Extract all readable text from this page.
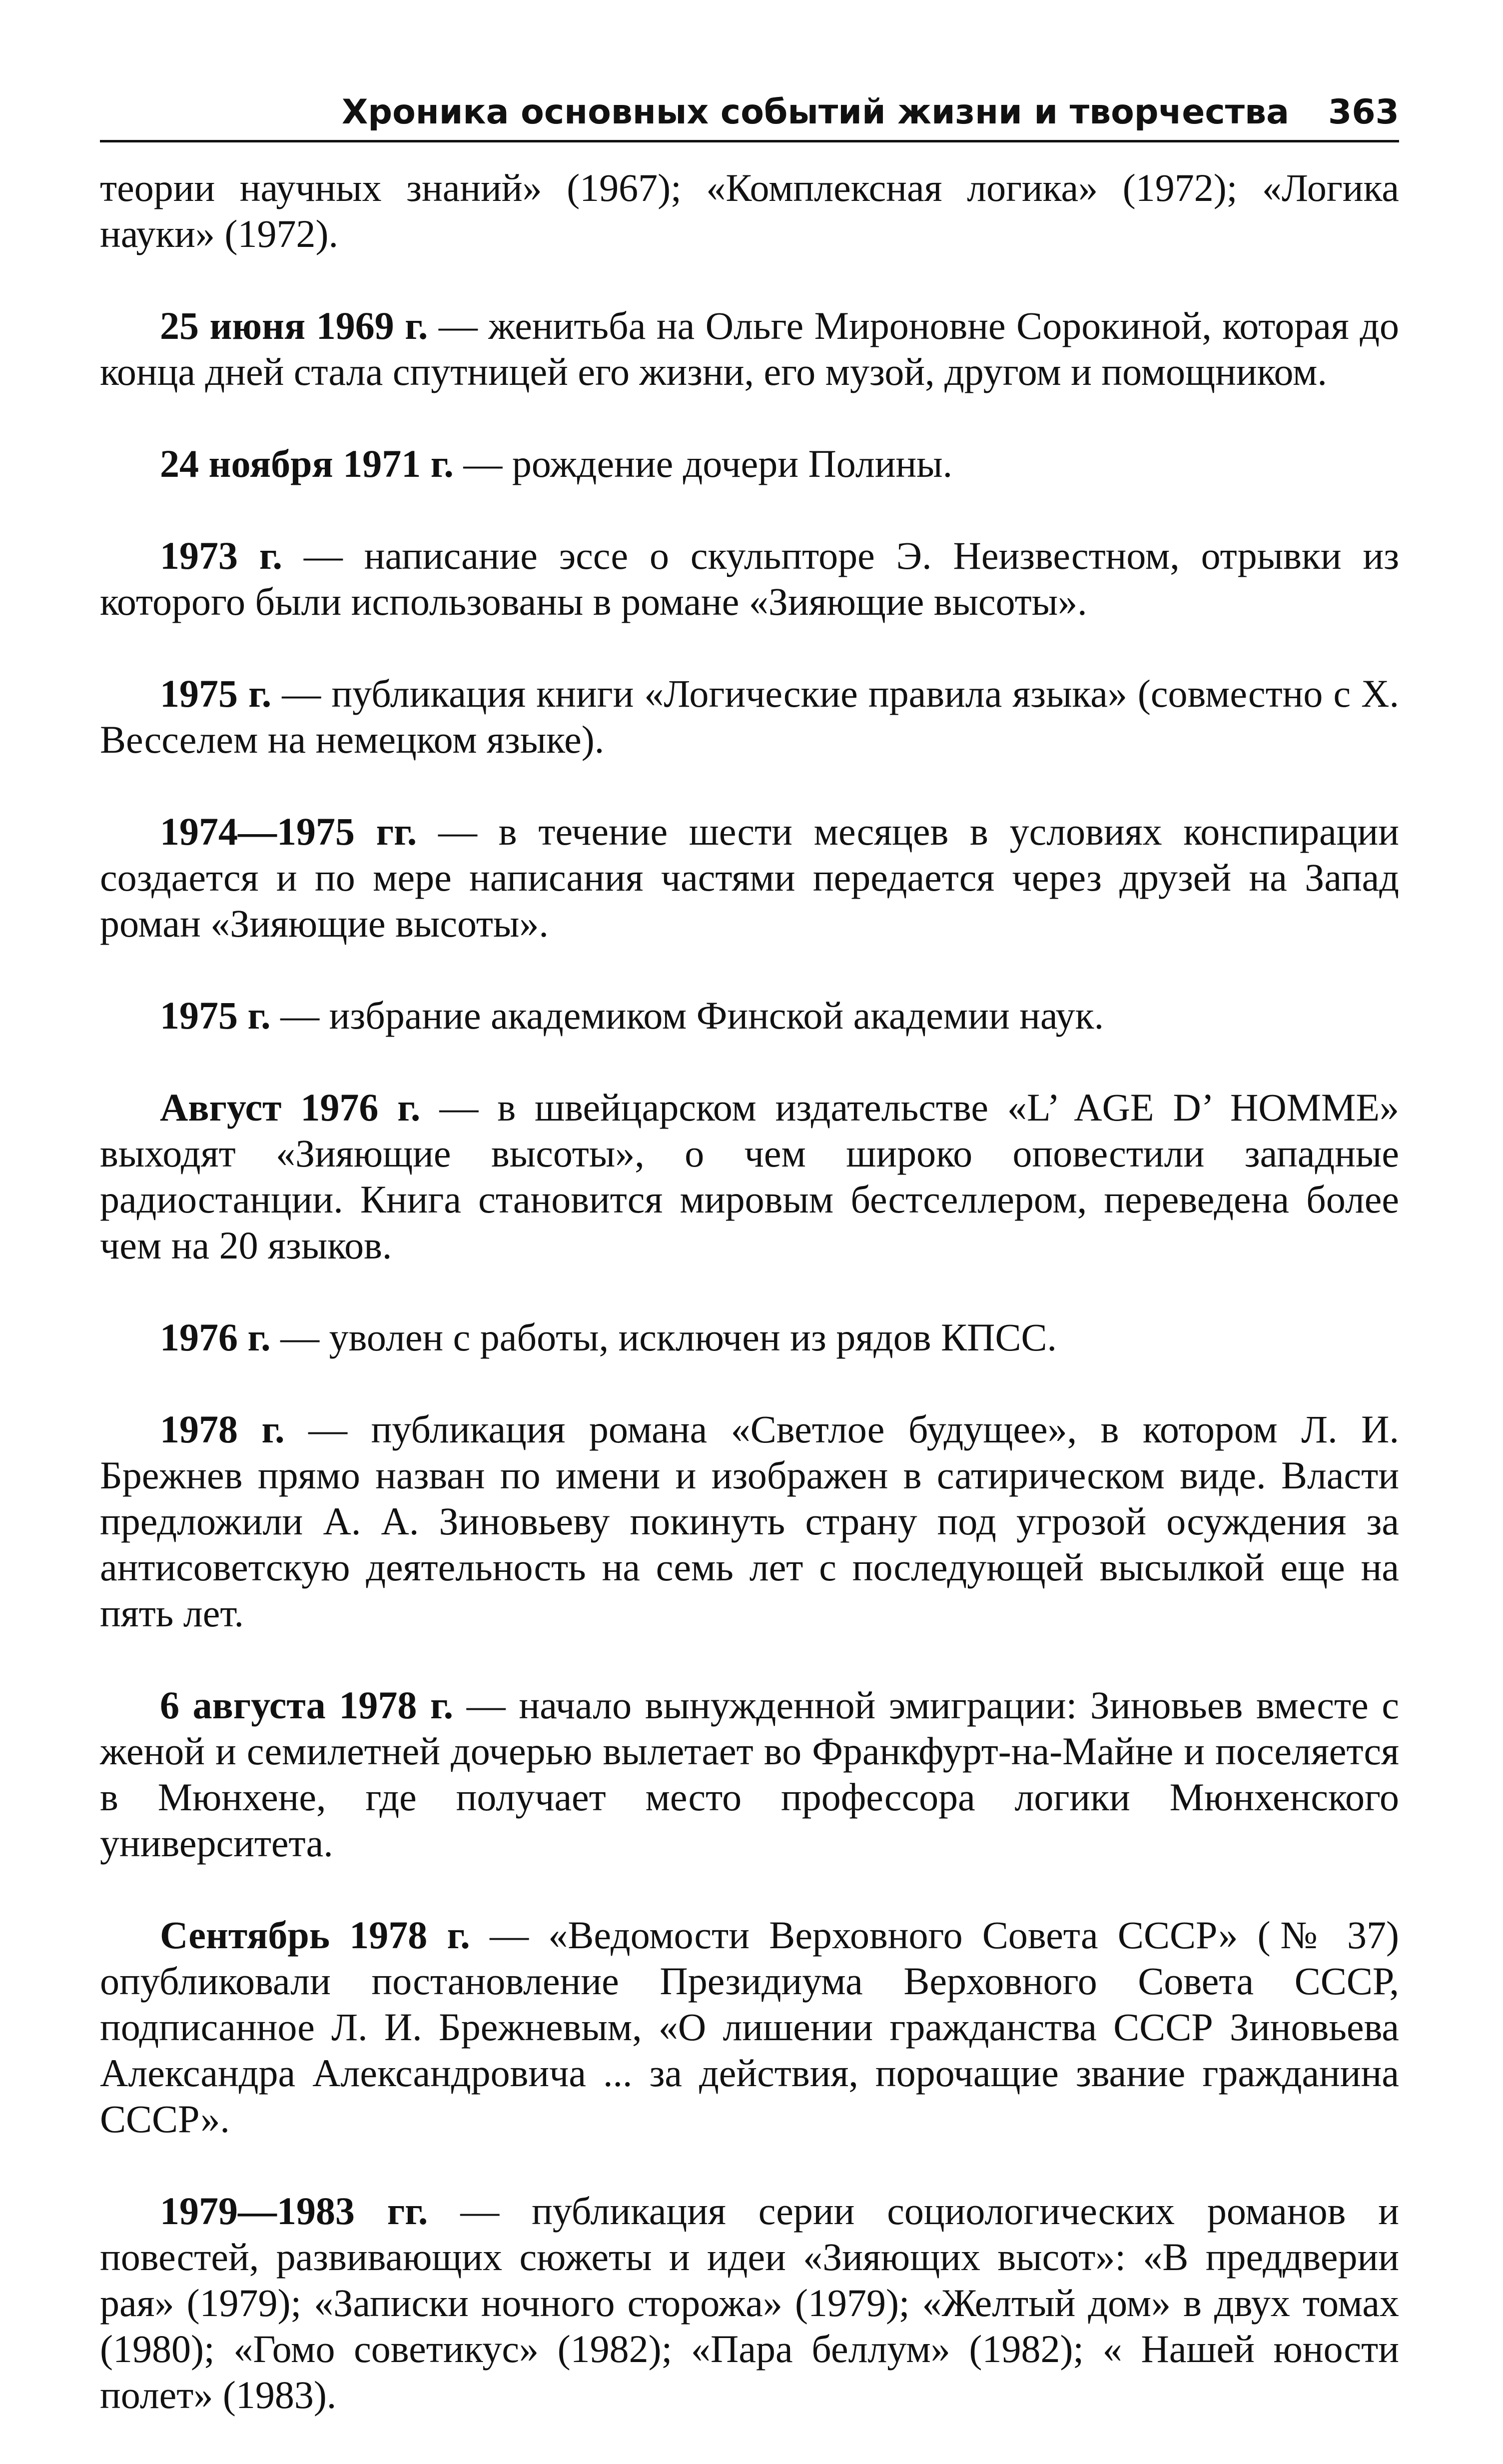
Хроника основных событий жизни и творчества 363

теории научных знаний» (1967); «Комплексная логика» (1972); «Логика науки» (1972).

25 июня 1969 г. — женитьба на Ольге Мироновне Сорокиной, которая до конца дней стала спутницей его жизни, его музой, другом и помощником.

24 ноября 1971 г. — рождение дочери Полины.

1973 г. — написание эссе о скульпторе Э. Неизвестном, отрывки из которого были использованы в романе «Зияющие высоты».

1975 г. — публикация книги «Логические правила языка» (совместно с X. Весселем на немецком языке).

1974—1975 гг. — в течение шести месяцев в условиях конспирации создается и по мере написания частями передается через друзей на Запад роман «Зияющие высоты».

1975 г. — избрание академиком Финской академии наук.

Август 1976 г. — в швейцарском издательстве «L’ AGE D’ HOMME» выходят «Зияющие высоты», о чем широко оповестили западные радиостанции. Книга становится мировым бестселлером, переведена более чем на 20 языков.

1976 г. — уволен с работы, исключен из рядов КПСС.

1978 г. — публикация романа «Светлое будущее», в котором Л. И. Брежнев прямо назван по имени и изображен в сатирическом виде. Власти предложили А. А. Зиновьеву покинуть страну под угрозой осуждения за антисоветскую деятельность на семь лет с последующей высылкой еще на пять лет.

6 августа 1978 г. — начало вынужденной эмиграции: Зиновьев вместе с женой и семилетней дочерью вылетает во Франкфурт-на-Майне и поселяется в Мюнхене, где получает место профессора логики Мюнхенского университета.

Сентябрь 1978 г. — «Ведомости Верховного Совета СССР» (№ 37) опубликовали постановление Президиума Верховного Совета СССР, подписанное Л. И. Брежневым, «О лишении гражданства СССР Зиновьева Александра Александровича ... за действия, порочащие звание гражданина СССР».

1979—1983 гг. — публикация серии социологических романов и повестей, развивающих сюжеты и идеи «Зияющих высот»: «В преддверии рая» (1979); «Записки ночного сторожа» (1979); «Желтый дом» в двух томах (1980); «Гомо советикус» (1982); «Пара беллум» (1982); « Нашей юности полет» (1983).
